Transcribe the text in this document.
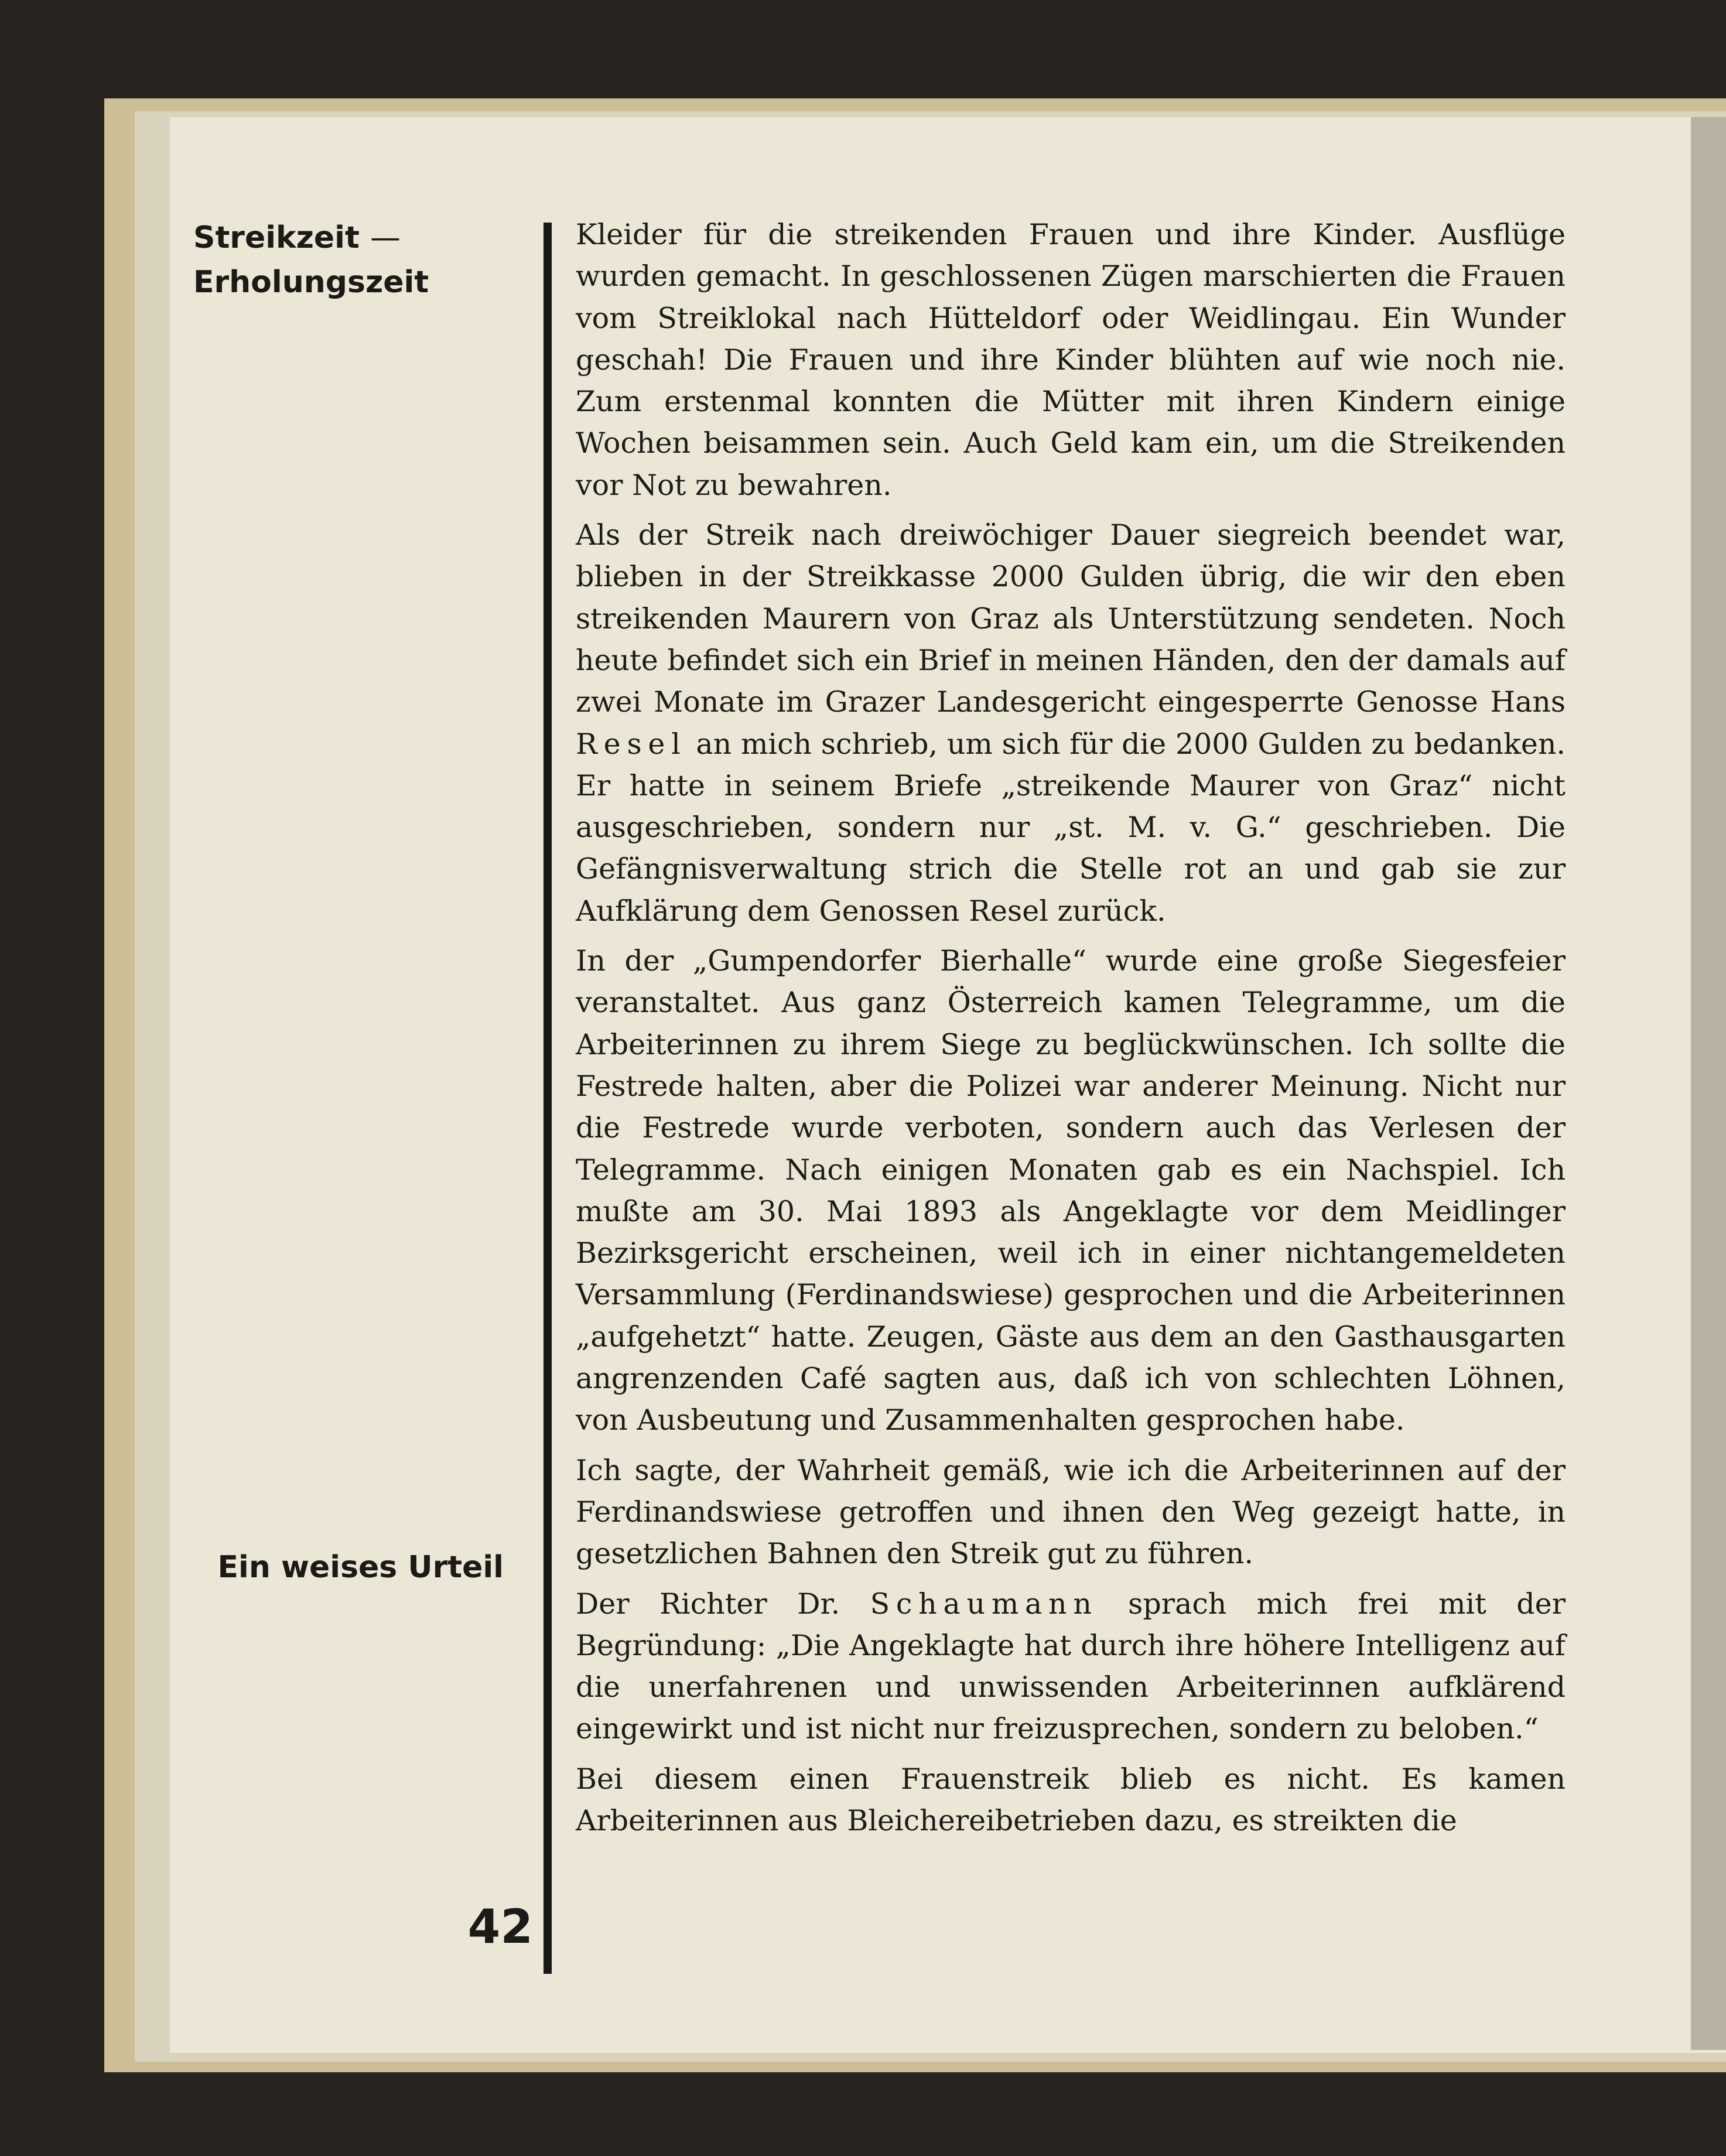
Streikzeit —
Erholungszeit
Ein weises Urteil
42

Kleider für die streikenden Frauen und ihre Kinder. Ausflüge wurden gemacht. In geschlossenen Zügen marschierten die Frauen vom Streiklokal nach Hütteldorf oder Weidlingau. Ein Wunder geschah! Die Frauen und ihre Kinder blühten auf wie noch nie. Zum erstenmal konnten die Mütter mit ihren Kindern einige Wochen beisammen sein. Auch Geld kam ein, um die Streikenden vor Not zu bewahren.

Als der Streik nach dreiwöchiger Dauer siegreich beendet war, blieben in der Streikkasse 2000 Gulden übrig, die wir den eben streikenden Maurern von Graz als Unterstützung sendeten. Noch heute befindet sich ein Brief in meinen Händen, den der damals auf zwei Monate im Grazer Landesgericht eingesperrte Genosse Hans Resel an mich schrieb, um sich für die 2000 Gulden zu bedanken. Er hatte in seinem Briefe „streikende Maurer von Graz“ nicht ausgeschrieben, sondern nur „st. M. v. G.“ geschrieben. Die Gefängnisverwaltung strich die Stelle rot an und gab sie zur Aufklärung dem Genossen Resel zurück.

In der „Gumpendorfer Bierhalle“ wurde eine große Siegesfeier veranstaltet. Aus ganz Österreich kamen Telegramme, um die Arbeiterinnen zu ihrem Siege zu beglückwünschen. Ich sollte die Festrede halten, aber die Polizei war anderer Meinung. Nicht nur die Festrede wurde verboten, sondern auch das Verlesen der Telegramme. Nach einigen Monaten gab es ein Nachspiel. Ich mußte am 30. Mai 1893 als Angeklagte vor dem Meidlinger Bezirksgericht erscheinen, weil ich in einer nichtangemeldeten Versammlung (Ferdinandswiese) gesprochen und die Arbeiterinnen „aufgehetzt“ hatte. Zeugen, Gäste aus dem an den Gasthausgarten angrenzenden Café sagten aus, daß ich von schlechten Löhnen, von Ausbeutung und Zusammenhalten gesprochen habe.

Ich sagte, der Wahrheit gemäß, wie ich die Arbeiterinnen auf der Ferdinandswiese getroffen und ihnen den Weg gezeigt hatte, in gesetzlichen Bahnen den Streik gut zu führen.

Der Richter Dr. Schaumann sprach mich frei mit der Begründung: „Die Angeklagte hat durch ihre höhere Intelligenz auf die unerfahrenen und unwissenden Arbeiterinnen aufklärend eingewirkt und ist nicht nur freizusprechen, sondern zu beloben.“

Bei diesem einen Frauenstreik blieb es nicht. Es kamen Arbeiterinnen aus Bleichereibetrieben dazu, es streikten die
